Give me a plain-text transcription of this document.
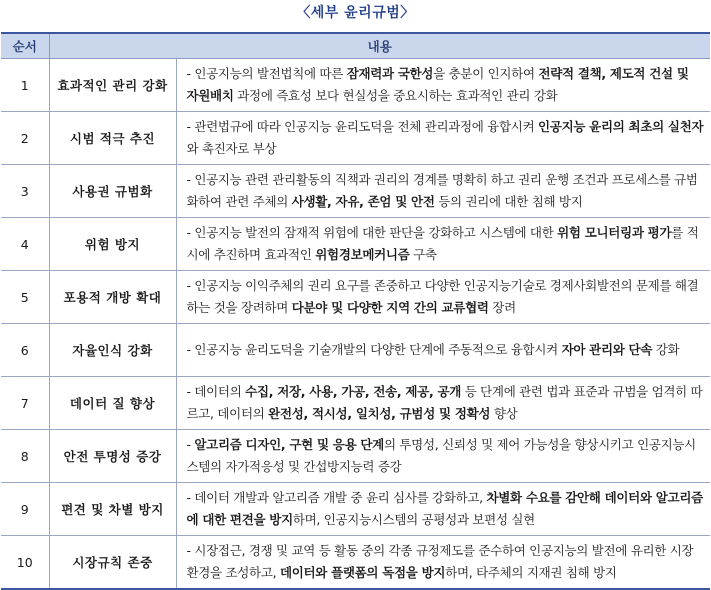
〈세부 윤리규범〉
순서	내용	
1	효과적인 관리 강화	- 인공지능의 발전법칙에 따른 잠재력과 국한성을 충분이 인지하여 전략적 결책, 제도적 건설 및 자원배치 과정에 즉효성 보다 현실성을 중요시하는 효과적인 관리 강화
2	시범 적극 추진	- 관련법규에 따라 인공지능 윤리도덕을 전체 관리과정에 융합시켜 인공지능 윤리의 최초의 실천자와 촉진자로 부상
3	사용권 규범화	- 인공지능 관련 관리활동의 직책과 권리의 경계를 명확히 하고 권리 운행 조건과 프로세스를 규범화하여 관련 주체의 사생활, 자유, 존엄 및 안전 등의 권리에 대한 침해 방지
4	위험 방지	- 인공지능 발전의 잠재적 위험에 대한 판단을 강화하고 시스템에 대한 위험 모니터링과 평가를 적시에 추진하며 효과적인 위험경보메커니즘 구축
5	포용적 개방 확대	- 인공지능 이익주체의 권리 요구를 존중하고 다양한 인공지능기술로 경제사회발전의 문제를 해결하는 것을 장려하며 다분야 및 다양한 지역 간의 교류협력 장려
6	자율인식 강화	- 인공지능 윤리도덕을 기술개발의 다양한 단계에 주동적으로 융합시켜 자아 관리와 단속 강화
7	데이터 질 향상	- 데이터의 수집, 저장, 사용, 가공, 전송, 제공, 공개 등 단계에 관련 법과 표준과 규범을 엄격히 따르고, 데이터의 완전성, 적시성, 일치성, 규범성 및 정확성 향상
8	안전 투명성 증강	- 알고리즘 디자인, 구현 및 응용 단계의 투명성, 신뢰성 및 제어 가능성을 향상시키고 인공지능시스템의 자가적응성 및 간섭방지능력 증강
9	편견 및 차별 방지	- 데이터 개발과 알고리즘 개발 중 윤리 심사를 강화하고, 차별화 수요를 감안해 데이터와 알고리즘에 대한 편견을 방지하며, 인공지능시스템의 공평성과 보편성 실현
10	시장규칙 존중	- 시장접근, 경쟁 및 교역 등 활동 중의 각종 규정제도를 준수하여 인공지능의 발전에 유리한 시장환경을 조성하고, 데이터와 플랫폼의 독점을 방지하며, 타주체의 지재권 침해 방지
